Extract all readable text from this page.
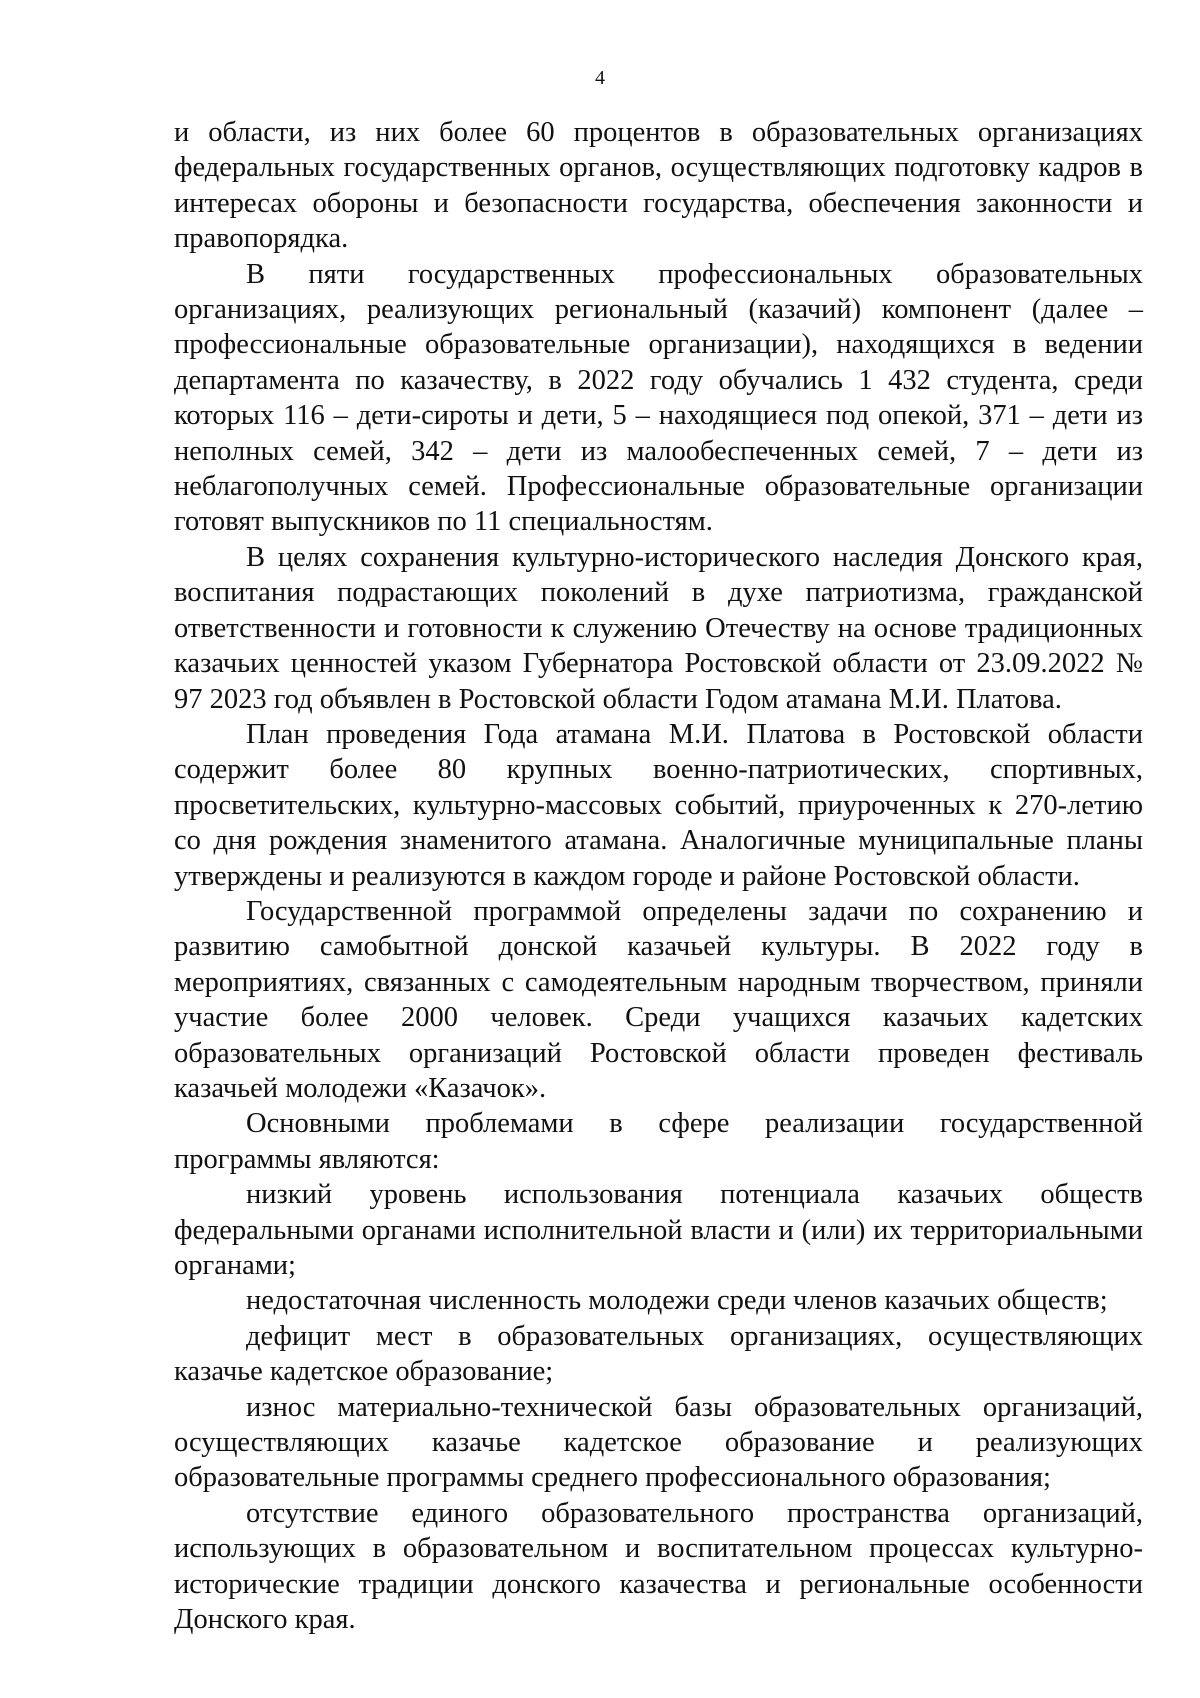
4

и области, из них более 60 процентов в образовательных организациях федеральных государственных органов, осуществляющих подготовку кадров в интересах обороны и безопасности государства, обеспечения законности и правопорядка.

В пяти государственных профессиональных образовательных организациях, реализующих региональный (казачий) компонент (далее – профессиональные образовательные организации), находящихся в ведении департамента по казачеству, в 2022 году обучались 1 432 студента, среди которых 116 – дети-сироты и дети, 5 – находящиеся под опекой, 371 – дети из неполных семей, 342 – дети из малообеспеченных семей, 7 – дети из неблагополучных семей. Профессиональные образовательные организации готовят выпускников по 11 специальностям.

В целях сохранения культурно-исторического наследия Донского края, воспитания подрастающих поколений в духе патриотизма, гражданской ответственности и готовности к служению Отечеству на основе традиционных казачьих ценностей указом Губернатора Ростовской области от 23.09.2022 № 97 2023 год объявлен в Ростовской области Годом атамана М.И. Платова.

План проведения Года атамана М.И. Платова в Ростовской области содержит более 80 крупных военно-патриотических, спортивных, просветительских, культурно-массовых событий, приуроченных к 270-летию со дня рождения знаменитого атамана. Аналогичные муниципальные планы утверждены и реализуются в каждом городе и районе Ростовской области.

Государственной программой определены задачи по сохранению и развитию самобытной донской казачьей культуры. В 2022 году в мероприятиях, связанных с самодеятельным народным творчеством, приняли участие более 2000 человек. Среди учащихся казачьих кадетских образовательных организаций Ростовской области проведен фестиваль казачьей молодежи «Казачок».

Основными проблемами в сфере реализации государственной программы являются:

низкий уровень использования потенциала казачьих обществ федеральными органами исполнительной власти и (или) их территориальными органами;

недостаточная численность молодежи среди членов казачьих обществ;

дефицит мест в образовательных организациях, осуществляющих казачье кадетское образование;

износ материально-технической базы образовательных организаций, осуществляющих казачье кадетское образование и реализующих образовательные программы среднего профессионального образования;

отсутствие единого образовательного пространства организаций, использующих в образовательном и воспитательном процессах культурно-исторические традиции донского казачества и региональные особенности Донского края.
